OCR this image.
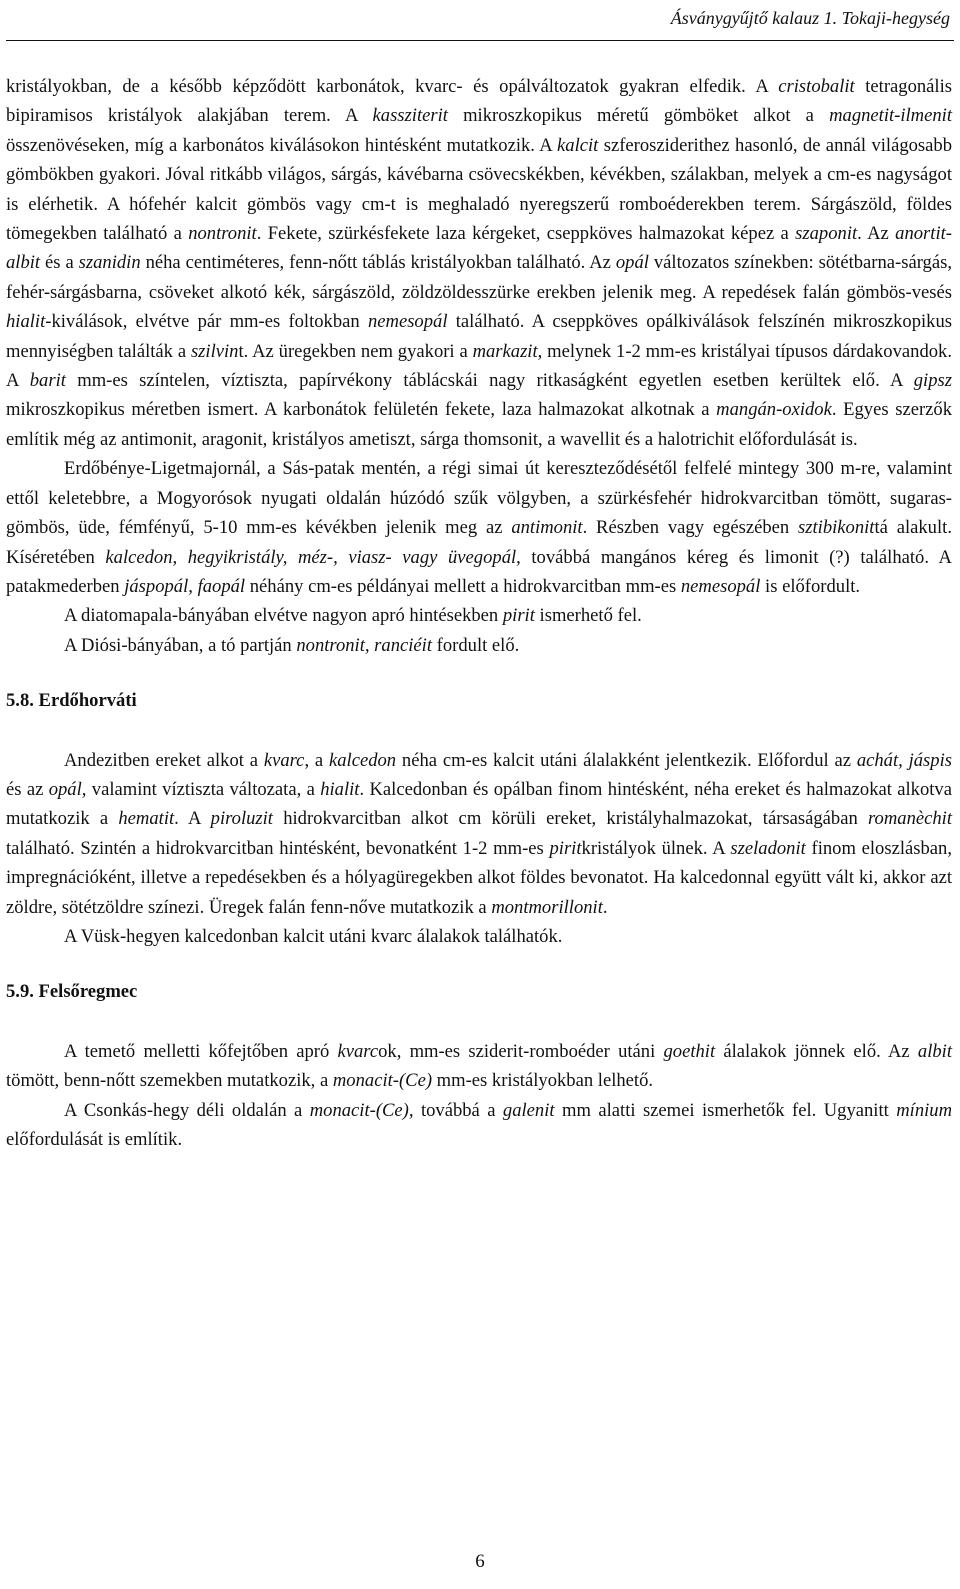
Ásványgyűjtő kalauz 1. Tokaji-hegység

kristályokban, de a később képződött karbonátok, kvarc- és opálváltozatok gyakran elfedik. A cristobalit tetragonális bipiramisos kristályok alakjában terem. A kassziterit mikroszkopikus méretű gömböket alkot a magnetit-ilmenit összenövéseken, míg a karbonátos kiválásokon hintésként mutatkozik. A kalcit szferosziderithez hasonló, de annál világosabb gömbökben gyakori. Jóval ritkább világos, sárgás, kávébarna csövecskékben, kévékben, szálakban, melyek a cm-es nagyságot is elérhetik. A hófehér kalcit gömbös vagy cm-t is meghaladó nyeregszerű romboéderekben terem. Sárgászöld, földes tömegekben található a nontronit. Fekete, szürkésfekete laza kérgeket, cseppköves halmazokat képez a szaponit. Az anortit-albit és a szanidin néha centiméteres, fenn-nőtt táblás kristályokban található. Az opál változatos színekben: sötétbarna-sárgás, fehér-sárgásbarna, csöveket alkotó kék, sárgászöld, zöldzöldesszürke erekben jelenik meg. A repedések falán gömbös-vesés hialit-kiválások, elvétve pár mm-es foltokban nemesopál található. A cseppköves opálkiválások felszínén mikroszkopikus mennyiségben találták a szilvint. Az üregekben nem gyakori a markazit, melynek 1-2 mm-es kristályai típusos dárdakovandok. A barit mm-es színtelen, víztiszta, papírvékony táblácskái nagy ritkaságként egyetlen esetben kerültek elő. A gipsz mikroszkopikus méretben ismert. A karbonátok felületén fekete, laza halmazokat alkotnak a mangán-oxidok. Egyes szerzők említik még az antimonit, aragonit, kristályos ametiszt, sárga thomsonit, a wavellit és a halotrichit előfordulását is.

Erdőbénye-Ligetmajornál, a Sás-patak mentén, a régi simai út kereszteződésétől felfelé mintegy 300 m-re, valamint ettől keletebbre, a Mogyorósok nyugati oldalán húzódó szűk völgyben, a szürkésfehér hidrokvarcitban tömött, sugaras-gömbös, üde, fémfényű, 5-10 mm-es kévékben jelenik meg az antimonit. Részben vagy egészében sztibikonittá alakult. Kíséretében kalcedon, hegyikristály, méz-, viasz- vagy üvegopál, továbbá mangános kéreg és limonit (?) található. A patakmederben jáspopál, faopál néhány cm-es példányai mellett a hidrokvarcitban mm-es nemesopál is előfordult.

A diatomapala-bányában elvétve nagyon apró hintésekben pirit ismerhető fel.

A Diósi-bányában, a tó partján nontronit, ranciéit fordult elő.

5.8. Erdőhorváti

Andezitben ereket alkot a kvarc, a kalcedon néha cm-es kalcit utáni álalakként jelentkezik. Előfordul az achát, jáspis és az opál, valamint víztiszta változata, a hialit. Kalcedonban és opálban finom hintésként, néha ereket és halmazokat alkotva mutatkozik a hematit. A piroluzit hidrokvarcitban alkot cm körüli ereket, kristályhalmazokat, társaságában romanèchit található. Szintén a hidrokvarcitban hintésként, bevonatként 1-2 mm-es piritkristályok ülnek. A szeladonit finom eloszlásban, impregnációként, illetve a repedésekben és a hólyagüregekben alkot földes bevonatot. Ha kalcedonnal együtt vált ki, akkor azt zöldre, sötétzöldre színezi. Üregek falán fenn-nőve mutatkozik a montmorillonit.

A Vüsk-hegyen kalcedonban kalcit utáni kvarc álalakok találhatók.

5.9. Felsőregmec

A temető melletti kőfejtőben apró kvarcok, mm-es sziderit-romboéder utáni goethit álalakok jönnek elő. Az albit tömött, benn-nőtt szemekben mutatkozik, a monacit-(Ce) mm-es kristályokban lelhető.

A Csonkás-hegy déli oldalán a monacit-(Ce), továbbá a galenit mm alatti szemei ismerhetők fel. Ugyanitt mínium előfordulását is említik.

6
